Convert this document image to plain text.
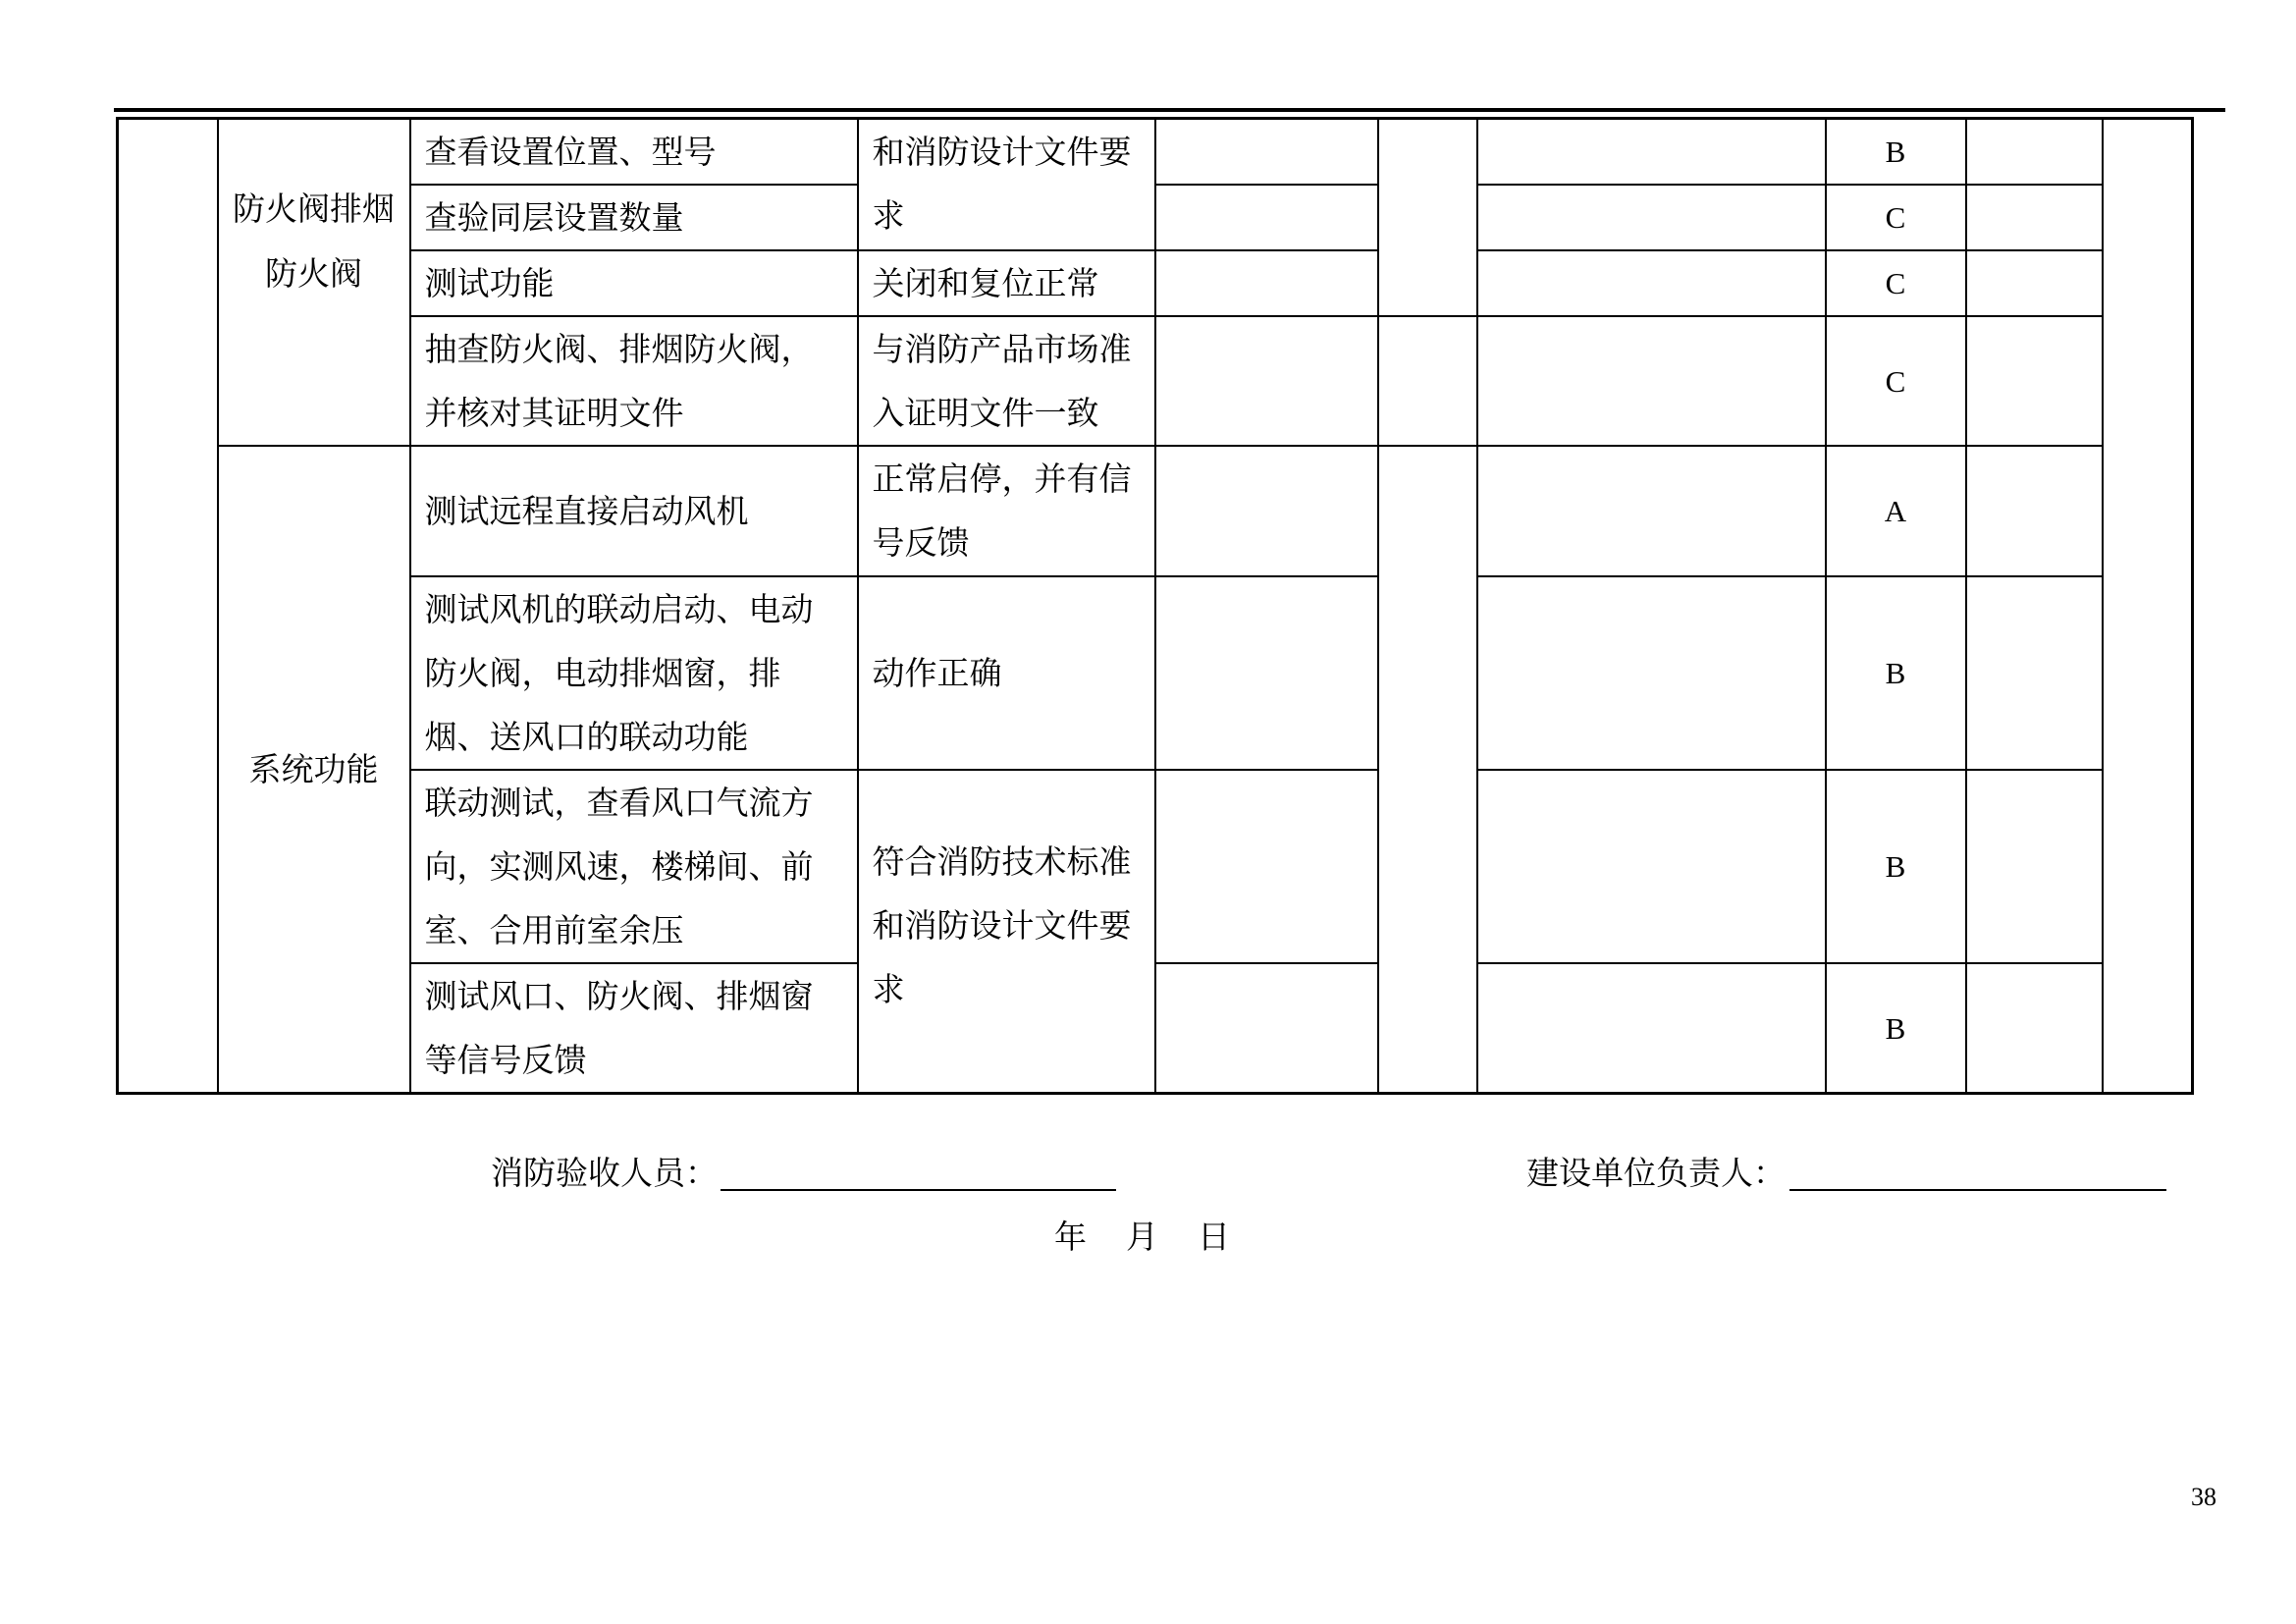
	防火阀排烟防火阀	查看设置位置、型号	和消防设计文件要求				B		
		查验同层设置数量					C		
		测试功能	关闭和复位正常				C		
		抽查防火阀、排烟防火阀，并核对其证明文件	与消防产品市场准入证明文件一致				C		
	系统功能	测试远程直接启动风机	正常启停，并有信号反馈				A		
		测试风机的联动启动、电动防火阀，电动排烟窗，排烟、送风口的联动功能	动作正确				B		
		联动测试，查看风口气流方向，实测风速，楼梯间、前室、合用前室余压	符合消防技术标准和消防设计文件要求				B		
		测试风口、防火阀、排烟窗等信号反馈					B		
消防验收人员：	建设单位负责人：
年 月 日
38
